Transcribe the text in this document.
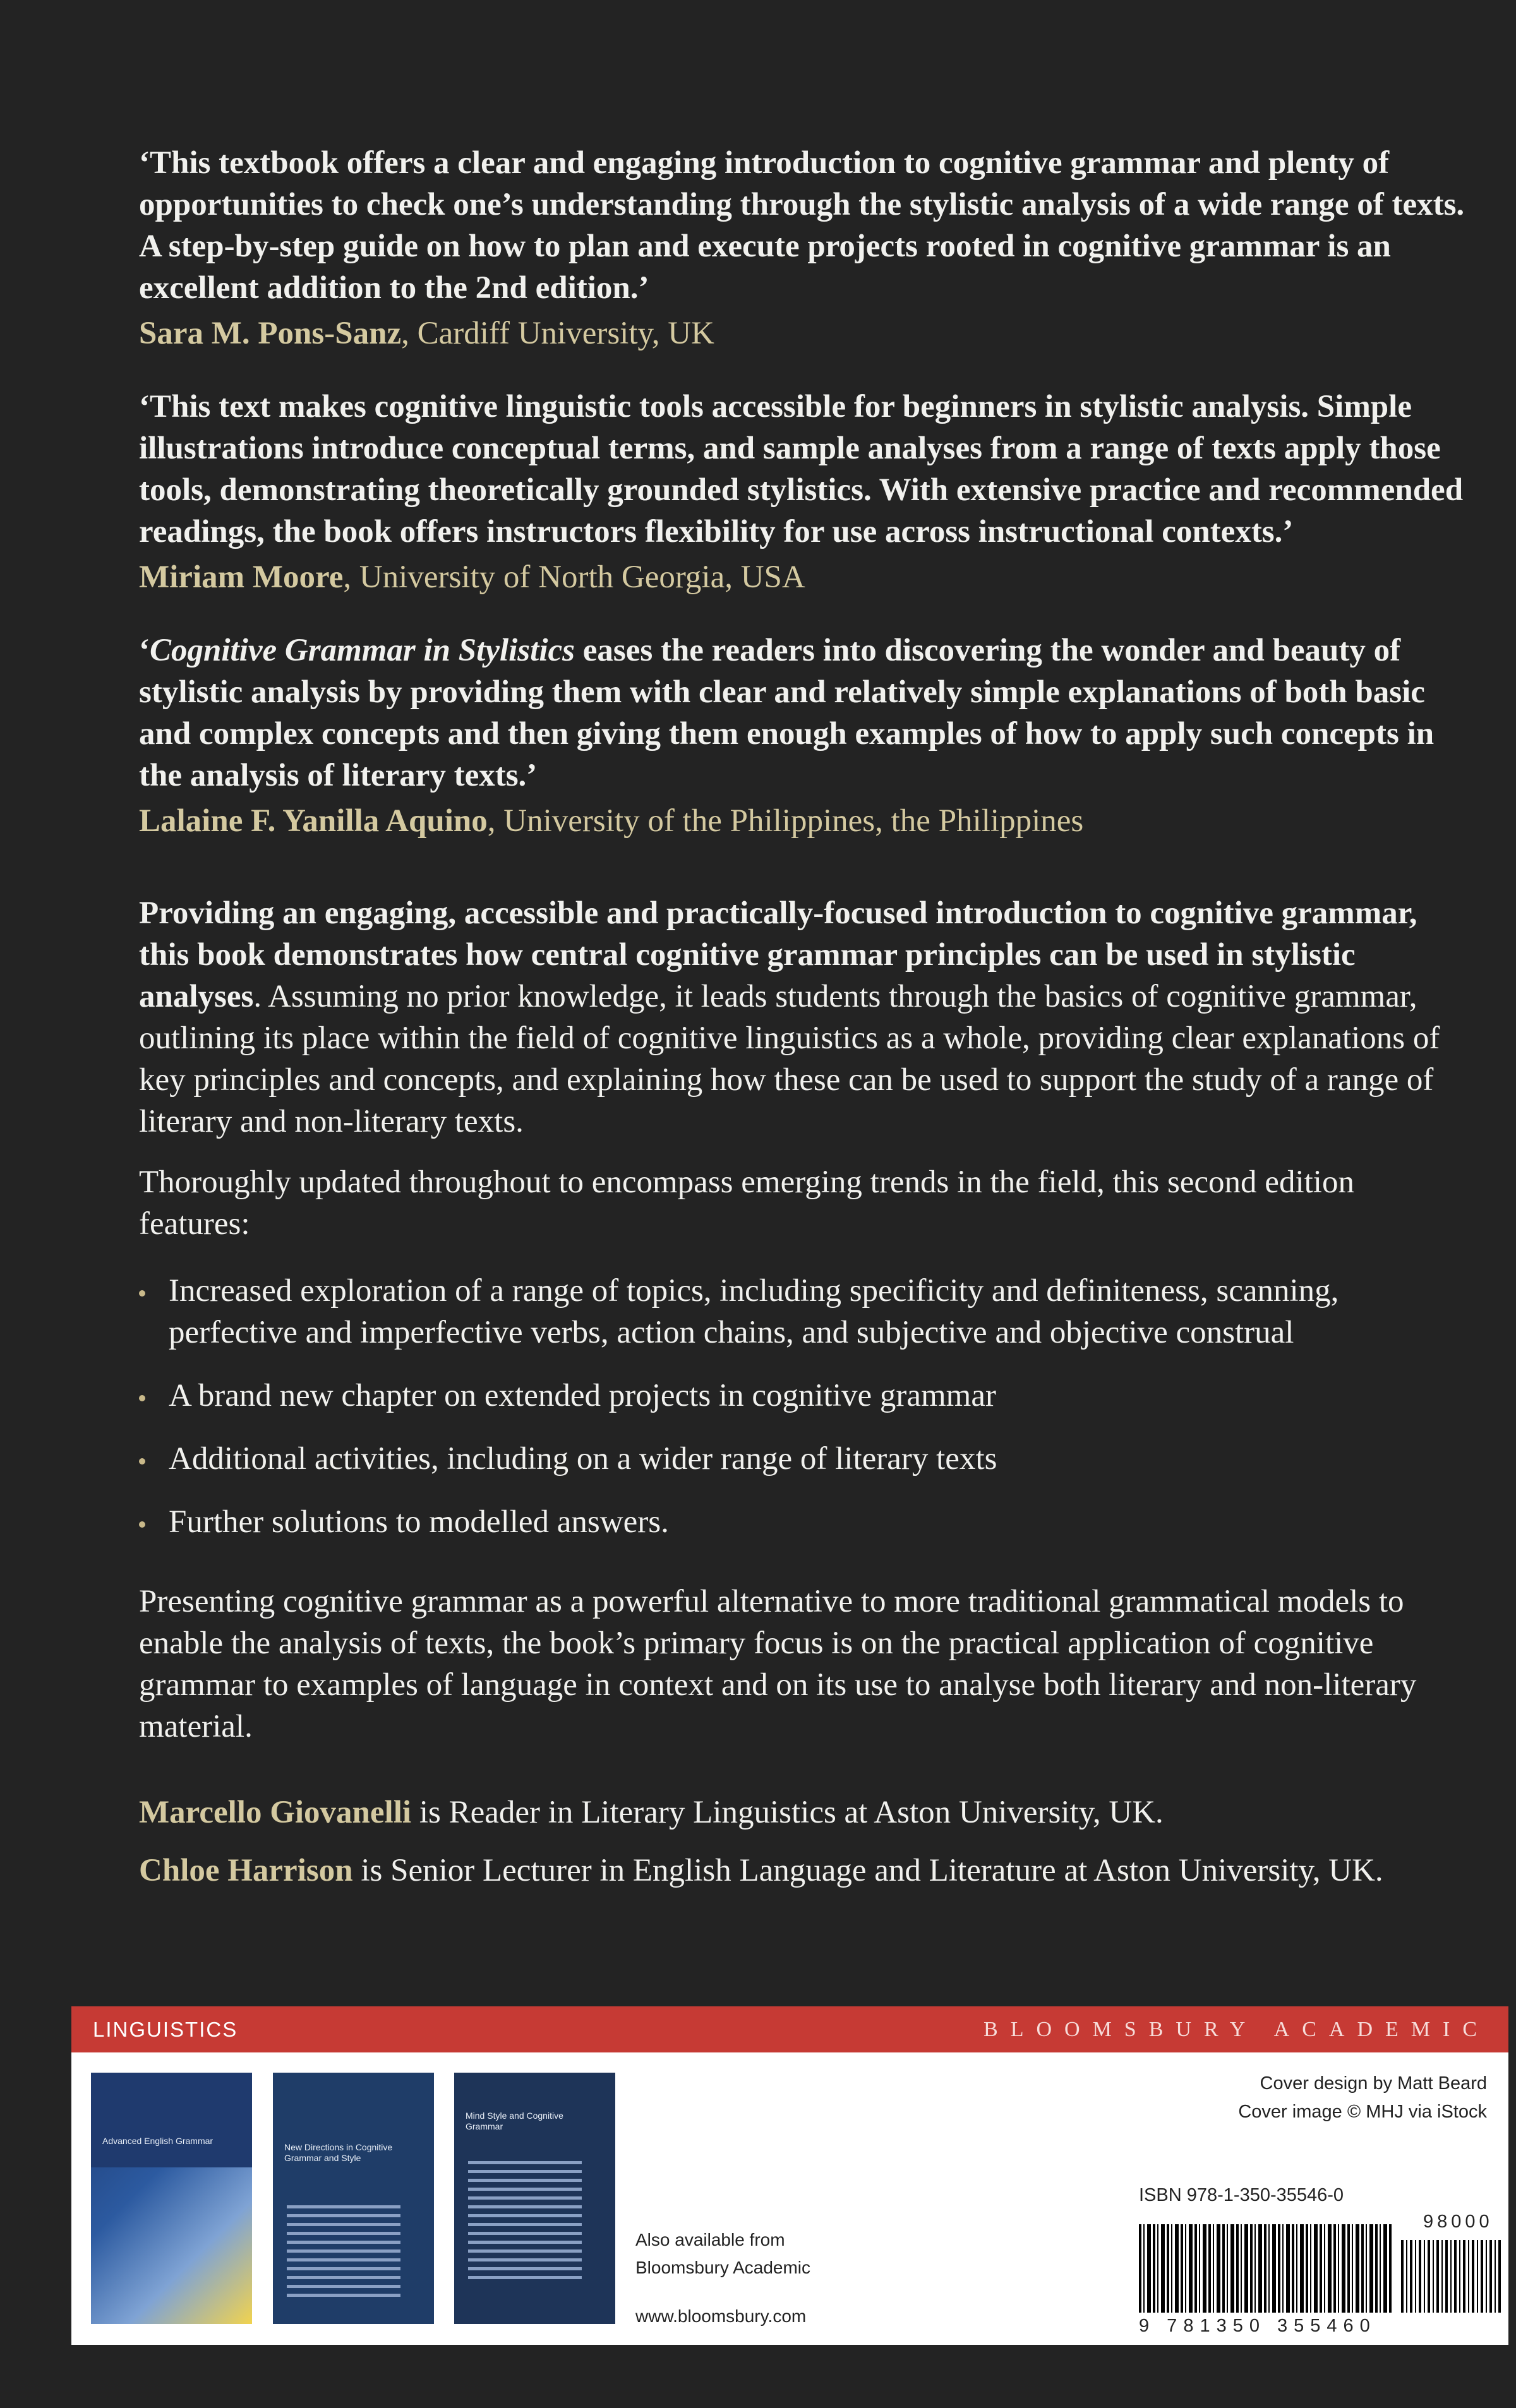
‘This textbook offers a clear and engaging introduction to cognitive grammar and plenty of opportunities to check one’s understanding through the stylistic analysis of a wide range of texts. A step-by-step guide on how to plan and execute projects rooted in cognitive grammar is an excellent addition to the 2nd edition.’

Sara M. Pons-Sanz, Cardiff University, UK

‘This text makes cognitive linguistic tools accessible for beginners in stylistic analysis. Simple illustrations introduce conceptual terms, and sample analyses from a range of texts apply those tools, demonstrating theoretically grounded stylistics. With extensive practice and recommended readings, the book offers instructors flexibility for use across instructional contexts.’

Miriam Moore, University of North Georgia, USA

‘Cognitive Grammar in Stylistics eases the readers into discovering the wonder and beauty of stylistic analysis by providing them with clear and relatively simple explanations of both basic and complex concepts and then giving them enough examples of how to apply such concepts in the analysis of literary texts.’

Lalaine F. Yanilla Aquino, University of the Philippines, the Philippines

Providing an engaging, accessible and practically-focused introduction to cognitive grammar, this book demonstrates how central cognitive grammar principles can be used in stylistic analyses. Assuming no prior knowledge, it leads students through the basics of cognitive grammar, outlining its place within the field of cognitive linguistics as a whole, providing clear explanations of key principles and concepts, and explaining how these can be used to support the study of a range of literary and non-literary texts.

Thoroughly updated throughout to encompass emerging trends in the field, this second edition features:

Increased exploration of a range of topics, including specificity and definiteness, scanning, perfective and imperfective verbs, action chains, and subjective and objective construal
A brand new chapter on extended projects in cognitive grammar
Additional activities, including on a wider range of literary texts
Further solutions to modelled answers.

Presenting cognitive grammar as a powerful alternative to more traditional grammatical models to enable the analysis of texts, the book’s primary focus is on the practical application of cognitive grammar to examples of language in context and on its use to analyse both literary and non-literary material.

Marcello Giovanelli is Reader in Literary Linguistics at Aston University, UK.

Chloe Harrison is Senior Lecturer in English Language and Literature at Aston University, UK.

LINGUISTICS	BLOOMSBURY ACADEMIC
Advanced English Grammar
New Directions in Cognitive Grammar and Style
Mind Style and Cognitive Grammar
Also available from
Bloomsbury Academic
www.bloomsbury.com
Cover design by Matt Beard
Cover image © MHJ via iStock
ISBN 978-1-350-35546-0
98000
9 781350 355460
